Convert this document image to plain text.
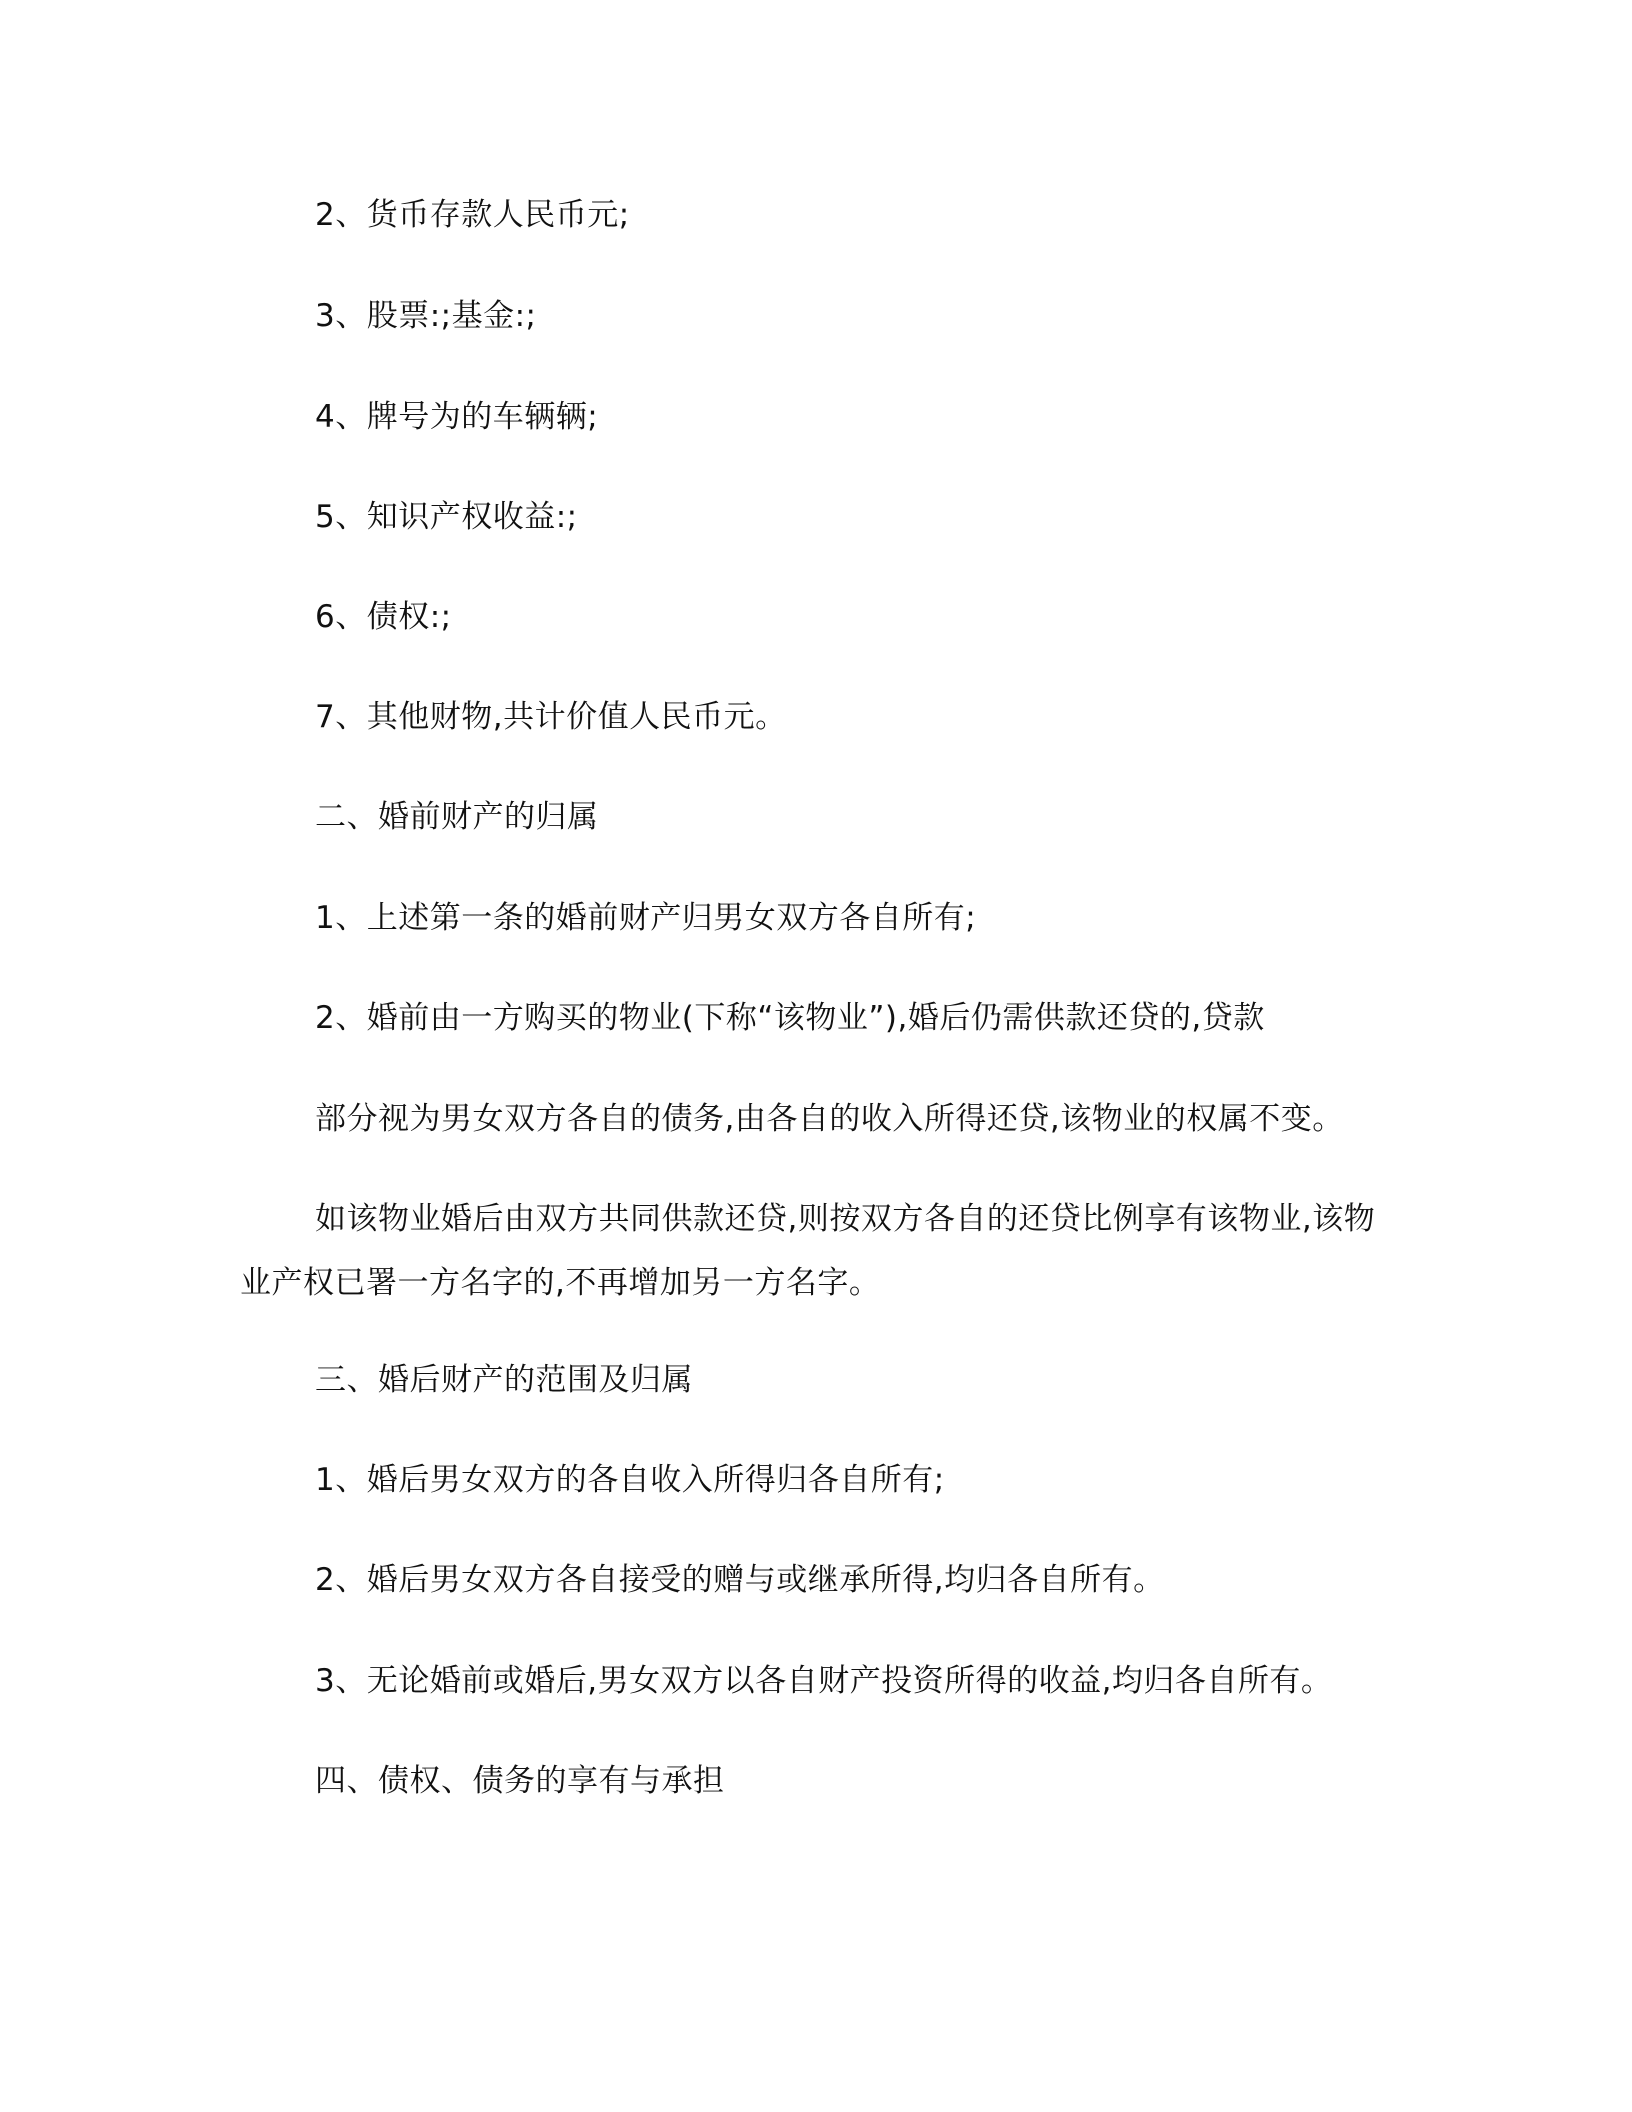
2、货币存款人民币元;
3、股票:;基金:;
4、牌号为的车辆辆;
5、知识产权收益:;
6、债权:;
7、其他财物,共计价值人民币元。
二、婚前财产的归属
1、上述第一条的婚前财产归男女双方各自所有;
2、婚前由一方购买的物业(下称“该物业”),婚后仍需供款还贷的,贷款
部分视为男女双方各自的债务,由各自的收入所得还贷,该物业的权属不变。
如该物业婚后由双方共同供款还贷,则按双方各自的还贷比例享有该物业,该物
业产权已署一方名字的,不再增加另一方名字。
三、婚后财产的范围及归属
1、婚后男女双方的各自收入所得归各自所有;
2、婚后男女双方各自接受的赠与或继承所得,均归各自所有。
3、无论婚前或婚后,男女双方以各自财产投资所得的收益,均归各自所有。
四、债权、债务的享有与承担
